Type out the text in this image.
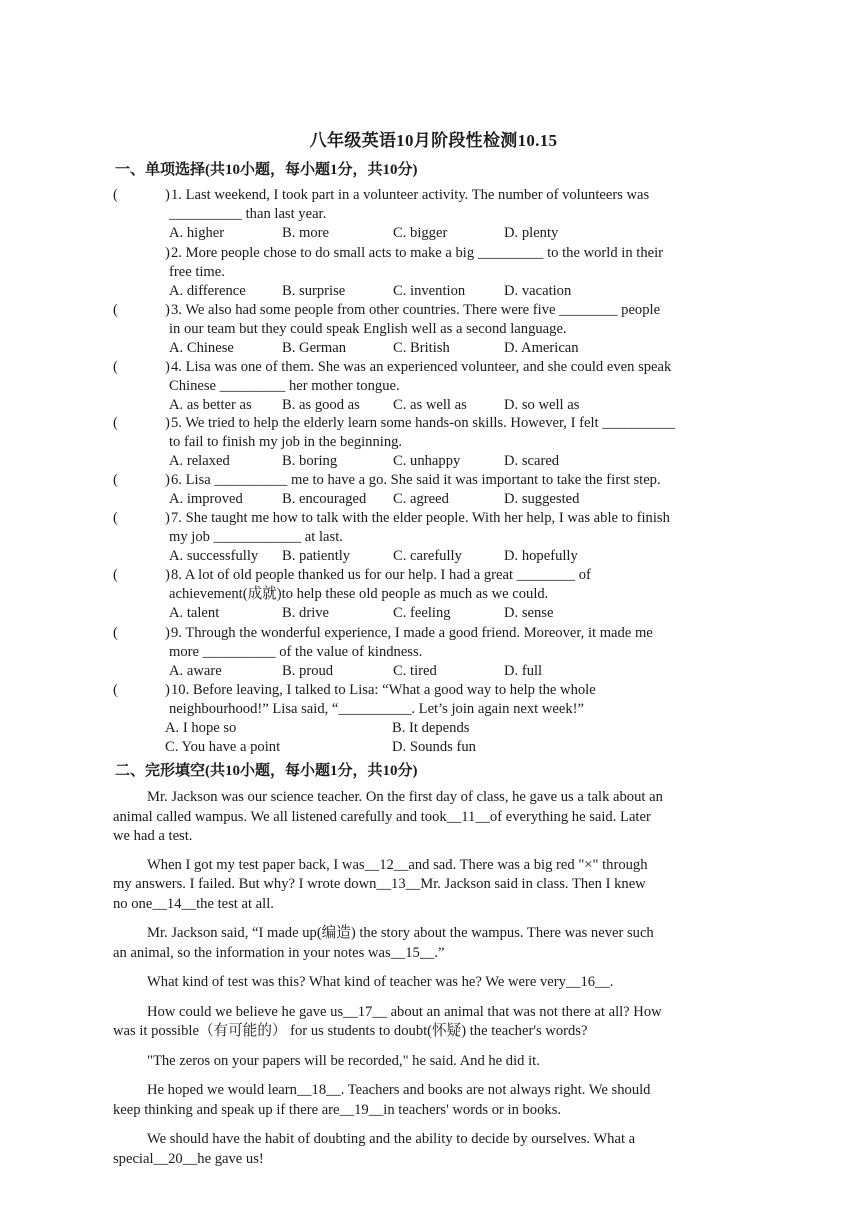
八年级英语10月阶段性检测10.15
一、单项选择(共10小题，每小题1分，共10分)
(	) 1. Last weekend, I took part in a volunteer activity. The number of volunteers was
__________ than last year.
A. higher	B. more	C. bigger	D. plenty
) 2. More people chose to do small acts to make a big _________ to the world in their
free time.
A. difference B. surprise	C. invention	D. vacation
(	) 3. We also had some people from other countries. There were five ________ people
in our team but they could speak English well as a second language.
A. Chinese	B. German	C. British	D. American
(	) 4. Lisa was one of them. She was an experienced volunteer, and she could even speak
Chinese _________ her mother tongue.
A. as better as B. as good as C. as well as	D. so well as
(	) 5. We tried to help the elderly learn some hands-on skills. However, I felt __________
to fail to finish my job in the beginning.
A. relaxed	B. boring	C. unhappy	D. scared
(	) 6. Lisa __________ me to have a go. She said it was important to take the first step.
A. improved	B. encouraged C. agreed	D. suggested
(	) 7. She taught me how to talk with the elder people. With her help, I was able to finish
my job ____________ at last.
A. successfully B. patiently	C. carefully	D. hopefully
(	) 8. A lot of old people thanked us for our help. I had a great ________ of
achievement(成就)to help these old people as much as we could.
A. talent	B. drive	C. feeling	D. sense
(	) 9. Through the wonderful experience, I made a good friend. Moreover, it made me
more __________ of the value of kindness.
A. aware	B. proud	C. tired	D. full
(	) 10. Before leaving, I talked to Lisa: “What a good way to help the whole
neighbourhood!” Lisa said, “__________. Let’s join again next week!”
A. I hope so	B. It depends
C. You have a point	D. Sounds fun
二、完形填空(共10小题，每小题1分，共10分)

Mr. Jackson was our science teacher. On the first day of class, he gave us a talk about an
animal called wampus. We all listened carefully and took__11__of everything he said. Later
we had a test.

When I got my test paper back, I was__12__and sad. There was a big red "×" through
my answers. I failed. But why? I wrote down__13__Mr. Jackson said in class. Then I knew
no one__14__the test at all.

Mr. Jackson said, “I made up(编造) the story about the wampus. There was never such
an animal, so the information in your notes was__15__.”

What kind of test was this? What kind of teacher was he? We were very__16__.

How could we believe he gave us__17__ about an animal that was not there at all? How
was it possible（有可能的） for us students to doubt(怀疑) the teacher's words?

"The zeros on your papers will be recorded," he said. And he did it.

He hoped we would learn__18__. Teachers and books are not always right. We should
keep thinking and speak up if there are__19__in teachers' words or in books.

We should have the habit of doubting and the ability to decide by ourselves. What a
special__20__he gave us!
